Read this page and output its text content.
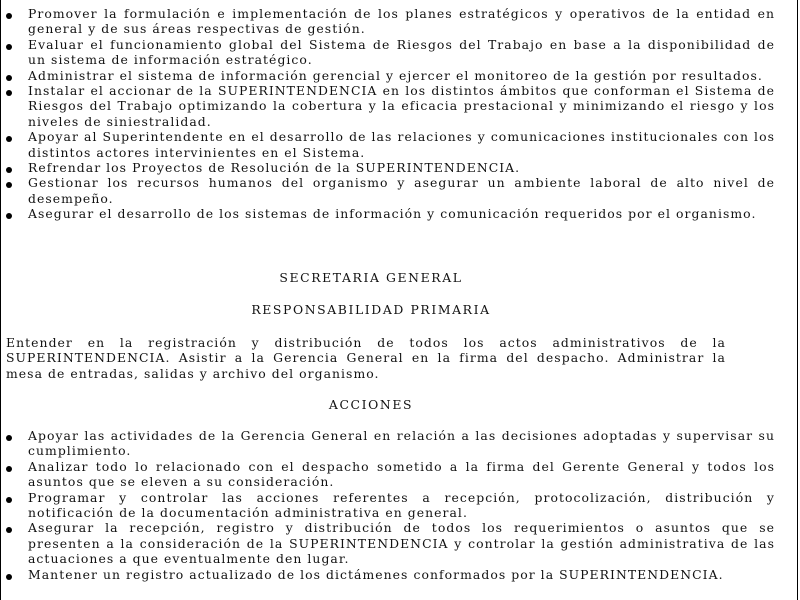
Promover la formulación e implementación de los planes estratégicos y operativos de la entidad en general y de sus áreas respectivas de gestión.
Evaluar el funcionamiento global del Sistema de Riesgos del Trabajo en base a la disponibilidad de un sistema de información estratégico.
Administrar el sistema de información gerencial y ejercer el monitoreo de la gestión por resultados.
Instalar el accionar de la SUPERINTENDENCIA en los distintos ámbitos que conforman el Sistema de Riesgos del Trabajo optimizando la cobertura y la eficacia prestacional y minimizando el riesgo y los niveles de siniestralidad.
Apoyar al Superintendente en el desarrollo de las relaciones y comunicaciones institucionales con los distintos actores intervinientes en el Sistema.
Refrendar los Proyectos de Resolución de la SUPERINTENDENCIA.
Gestionar los recursos humanos del organismo y asegurar un ambiente laboral de alto nivel de desempeño.
Asegurar el desarrollo de los sistemas de información y comunicación requeridos por el organismo.
SECRETARIA GENERAL
RESPONSABILIDAD PRIMARIA
Entender en la registración y distribución de todos los actos administrativos de la SUPERINTENDENCIA. Asistir a la Gerencia General en la firma del despacho. Administrar la mesa de entradas, salidas y archivo del organismo.
ACCIONES
Apoyar las actividades de la Gerencia General en relación a las decisiones adoptadas y supervisar su cumplimiento.
Analizar todo lo relacionado con el despacho sometido a la firma del Gerente General y todos los asuntos que se eleven a su consideración.
Programar y controlar las acciones referentes a recepción, protocolización, distribución y notificación de la documentación administrativa en general.
Asegurar la recepción, registro y distribución de todos los requerimientos o asuntos que se presenten a la consideración de la SUPERINTENDENCIA y controlar la gestión administrativa de las actuaciones a que eventualmente den lugar.
Mantener un registro actualizado de los dictámenes conformados por la SUPERINTENDENCIA.
